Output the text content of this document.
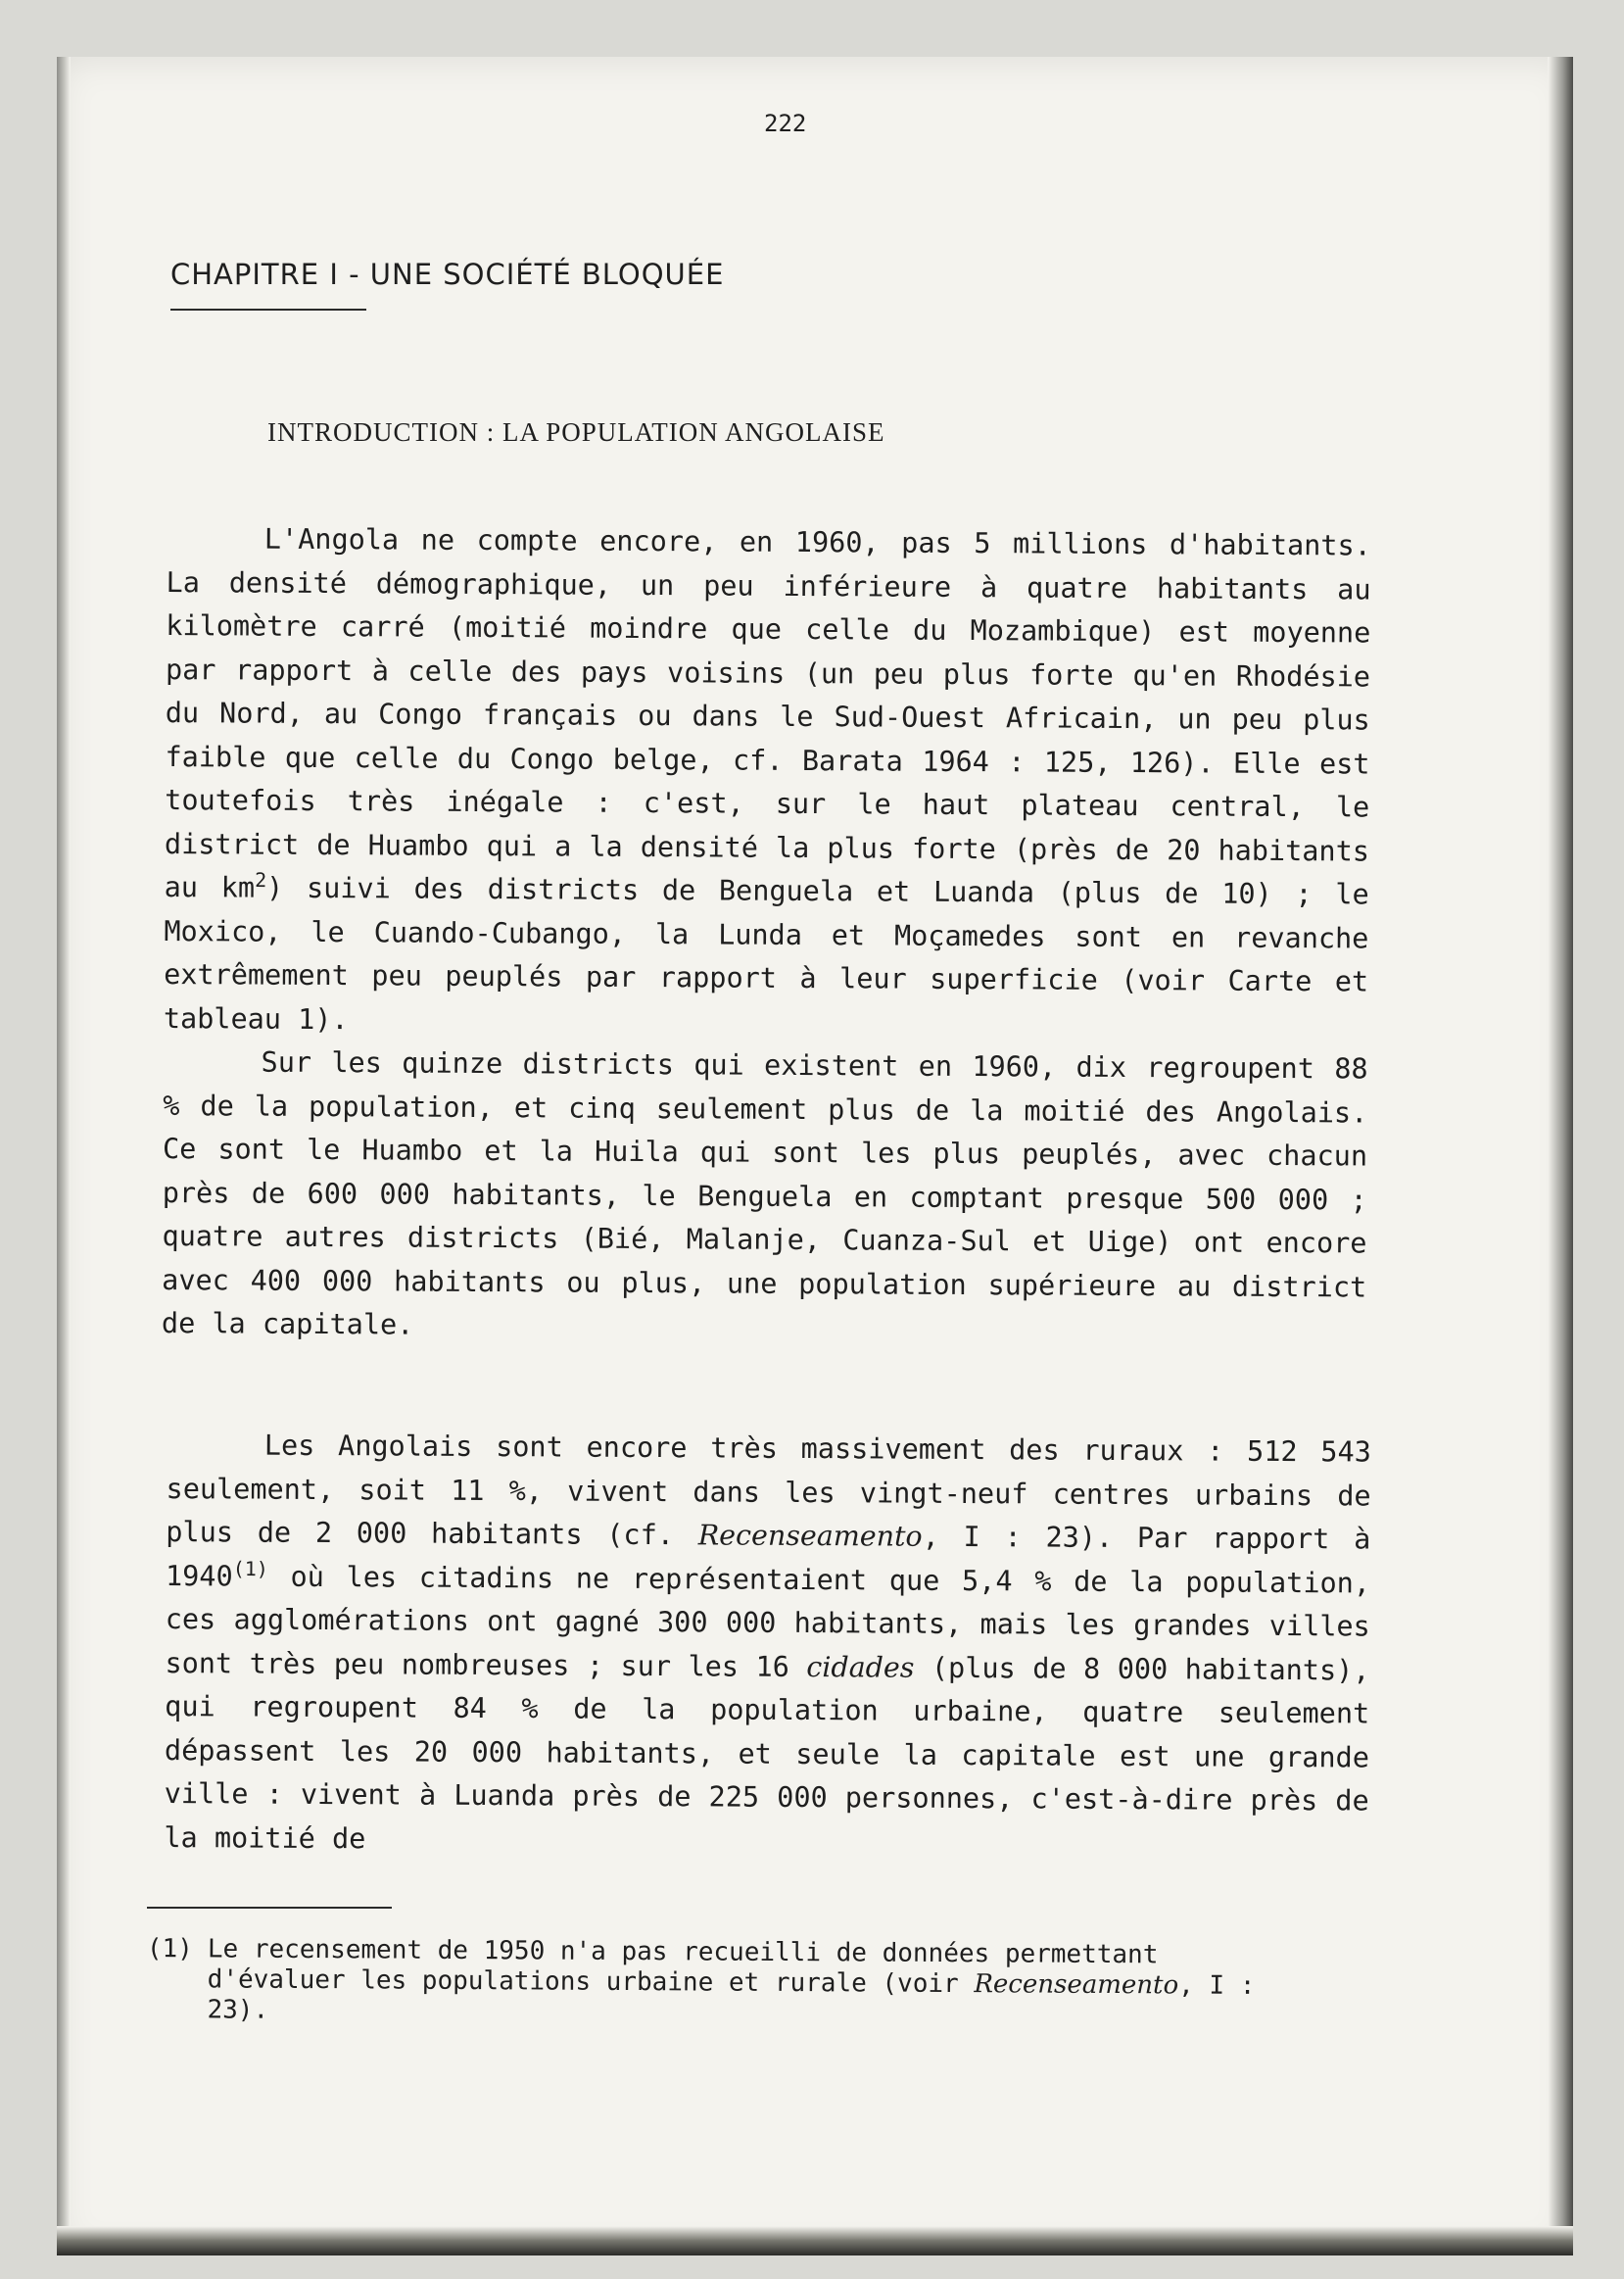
222
CHAPITRE I - UNE SOCIÉTÉ BLOQUÉE
INTRODUCTION : LA POPULATION ANGOLAISE

L'Angola ne compte encore, en 1960, pas 5 millions d'habitants. La densité démographique, un peu inférieure à quatre habitants au kilomètre carré (moitié moindre que celle du Mozambique) est moyenne par rapport à celle des pays voisins (un peu plus forte qu'en Rhodésie du Nord, au Congo français ou dans le Sud-Ouest Africain, un peu plus faible que celle du Congo belge, cf. Barata 1964 : 125, 126). Elle est toutefois très inégale : c'est, sur le haut plateau central, le district de Huambo qui a la densité la plus forte (près de 20 habitants au $km^2$) suivi des districts de Benguela et Luanda (plus de 10) ; le Moxico, le Cuando-Cubango, la Lunda et Moçamedes sont en revanche extrêmement peu peuplés par rapport à leur superficie (voir Carte et tableau 1).
Sur les quinze districts qui existent en 1960, dix regroupent 88 % de la population, et cinq seulement plus de la moitié des Angolais. Ce sont le Huambo et la Huila qui sont les plus peuplés, avec chacun près de 600 000 habitants, le Benguela en comptant presque 500 000 ; quatre autres districts (Bié, Malanje, Cuanza-Sul et Uige) ont encore avec 400 000 habitants ou plus, une population supérieure au district de la capitale.

Les Angolais sont encore très massivement des ruraux : 512 543 seulement, soit 11 %, vivent dans les vingt-neuf centres urbains de plus de 2 000 habitants (cf. Recenseamento, I : 23). Par rapport à 1940$^{(1)}$ où les citadins ne représentaient que 5,4 % de la population, ces agglomérations ont gagné 300 000 habitants, mais les grandes villes sont très peu nombreuses ; sur les 16 cidades (plus de 8 000 habitants), qui regroupent 84 % de la population urbaine, quatre seulement dépassent les 20 000 habitants, et seule la capitale est une grande ville : vivent à Luanda près de 225 000 personnes, c'est-à-dire près de la moitié de

(1) Le recensement de 1950 n'a pas recueilli de données permettant d'évaluer les populations urbaine et rurale (voir Recenseamento, I : 23).
